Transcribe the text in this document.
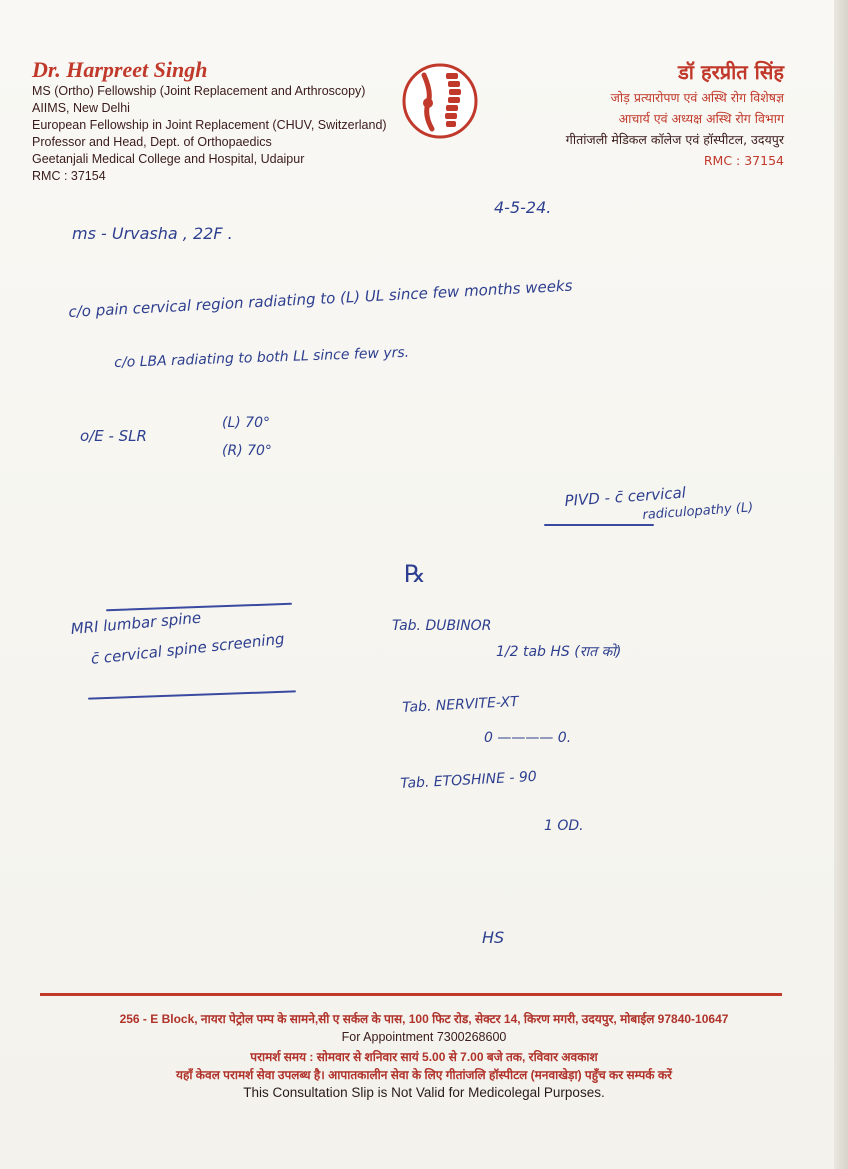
Dr. Harpreet Singh
MS (Ortho) Fellowship (Joint Replacement and Arthroscopy)
AIIMS, New Delhi
European Fellowship in Joint Replacement (CHUV, Switzerland)
Professor and Head, Dept. of Orthopaedics
Geetanjali Medical College and Hospital, Udaipur
RMC : 37154
डॉ हरप्रीत सिंह
जोड़ प्रत्यारोपण एवं अस्थि रोग विशेषज्ञ
आचार्य एवं अध्यक्ष अस्थि रोग विभाग
गीतांजली मेडिकल कॉलेज एवं हॉस्पीटल, उदयपुर
RMC : 37154
4-5-24.
ms - Urvasha , 22F .
c/o pain cervical region radiating to (L) UL since few months weeks
c/o LBA radiating to both LL since few yrs.
o/E - SLR
(L) 70°
(R) 70°
PIVD - c̄ cervical
radiculopathy (L)
℞
MRI lumbar spine
c̄ cervical spine screening
Tab. DUBINOR
1/2 tab HS (रात को)
Tab. NERVITE-XT
0 ———— 0.
Tab. ETOSHINE - 90
1 OD.
HS
256 - E Block, नायरा पेट्रोल पम्प के सामने,सी ए सर्कल के पास, 100 फिट रोड, सेक्टर 14, किरण मगरी, उदयपुर, मोबाईल 97840-10647
For Appointment 7300268600
परामर्श समय : सोमवार से शनिवार सायं 5.00 से 7.00 बजे तक, रविवार अवकाश
यहाँ केवल परामर्श सेवा उपलब्ध है। आपातकालीन सेवा के लिए गीतांजलि हॉस्पीटल (मनवाखेड़ा) पहुँच कर सम्पर्क करें
This Consultation Slip is Not Valid for Medicolegal Purposes.
